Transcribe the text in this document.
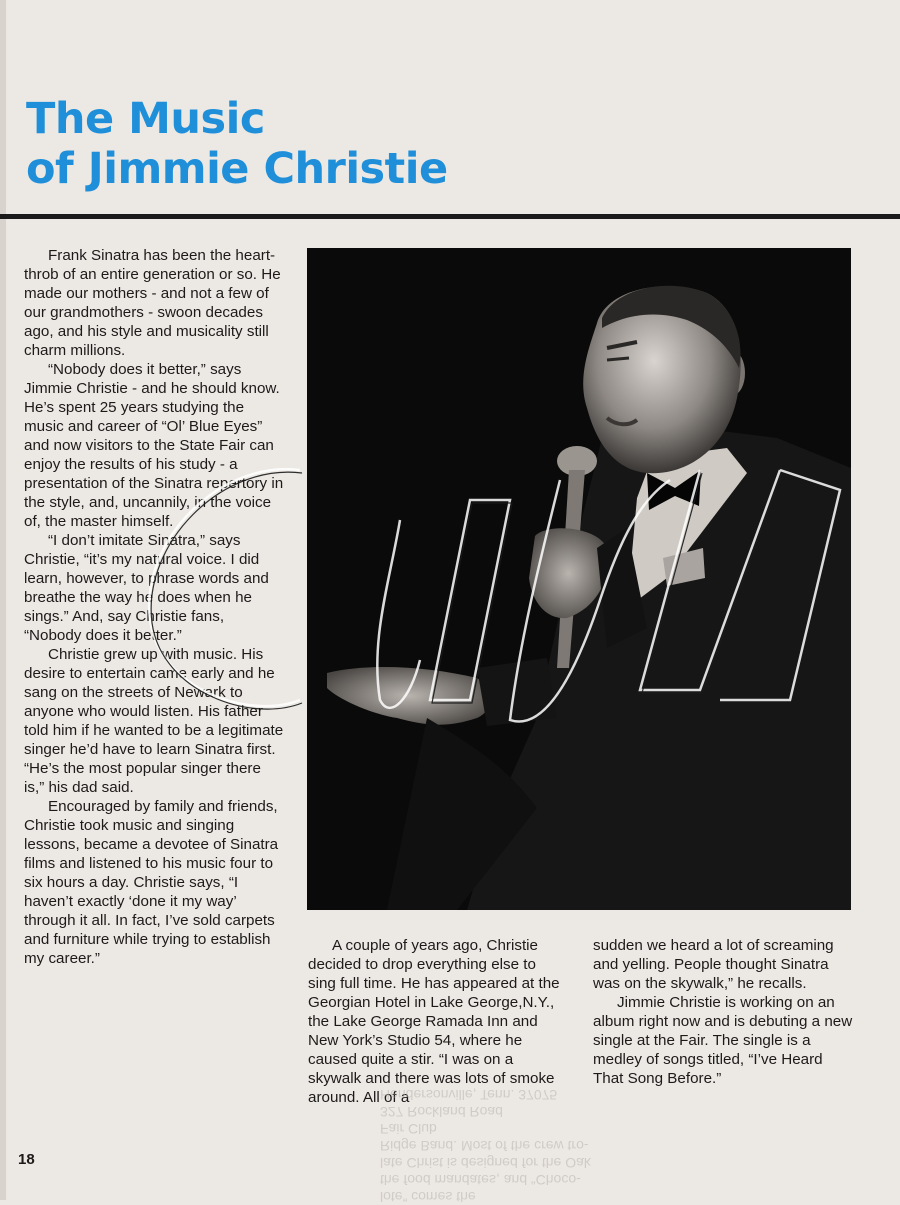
The Music
of Jimmie Christie

Frank Sinatra has been the heart-throb of an entire generation or so. He made our mothers - and not a few of our grandmothers - swoon decades ago, and his style and musicality still charm millions.

“Nobody does it better,” says Jimmie Christie - and he should know. He’s spent 25 years studying the music and career of “Ol’ Blue Eyes” and now visitors to the State Fair can enjoy the results of his study - a presentation of the Sinatra repertory in the style, and, uncannily, in the voice of, the master himself.

“I don’t imitate Sinatra,” says Christie, “it’s my natural voice. I did learn, however, to phrase words and breathe the way he does when he sings.” And, say Christie fans, “Nobody does it better.”

Christie grew up with music. His desire to entertain came early and he sang on the streets of Newark to anyone who would listen. His father told him if he wanted to be a legitimate singer he’d have to learn Sinatra first. “He’s the most popular singer there is,” his dad said.

Encouraged by family and friends, Christie took music and singing lessons, became a devotee of Sinatra films and listened to his music four to six hours a day. Christie says, “I haven’t exactly ‘done it my way’ through it all. In fact, I’ve sold carpets and furniture while trying to establish my career.”

A couple of years ago, Christie decided to drop everything else to sing full time. He has appeared at the Georgian Hotel in Lake George,N.Y., the Lake George Ramada Inn and New York’s Studio 54, where he caused quite a stir. “I was on a skywalk and there was lots of smoke around. All of a

sudden we heard a lot of screaming and yelling. People thought Sinatra was on the skywalk,” he recalls.

Jimmie Christie is working on an album right now and is debuting a new single at the Fair. The single is a medley of songs titled, “I’ve Heard That Song Before.”

lote” comes the
the food mandates, and “Choco-
late Christ is designed for the Oak
Ridge Band. Most of the crew tro-
Fair Club
327 Rockland Road
Hendersonville, Tenn. 37075
18
